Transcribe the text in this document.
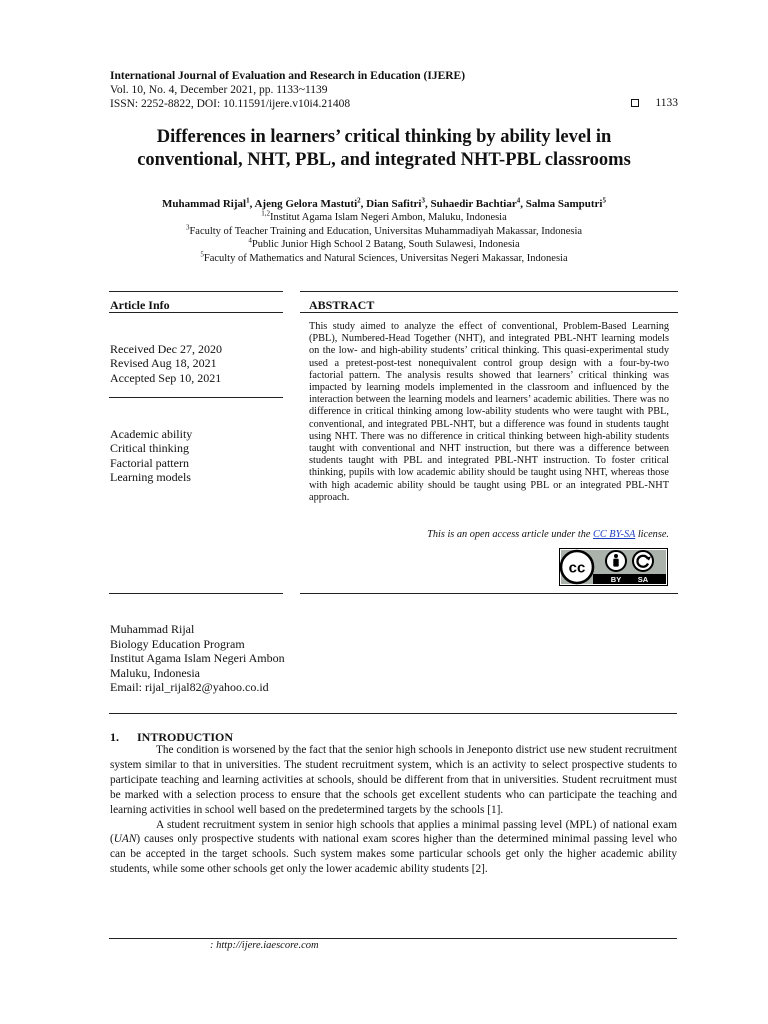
International Journal of Evaluation and Research in Education (IJERE)
Vol. 10, No. 4, December 2021, pp. 1133~1139
ISSN: 2252-8822, DOI: 10.11591/ijere.v10i4.21408	1133
Differences in learners’ critical thinking by ability level in
conventional, NHT, PBL, and integrated NHT-PBL classrooms
Muhammad Rijal$^1$, Ajeng Gelora Mastuti$^2$, Dian Safitri$^3$, Suhaedir Bachtiar$^4$, Salma Samputri$^5$
$^{1,2}$Institut Agama Islam Negeri Ambon, Maluku, Indonesia
$^3$Faculty of Teacher Training and Education, Universitas Muhammadiyah Makassar, Indonesia
$^4$Public Junior High School 2 Batang, South Sulawesi, Indonesia
$^5$Faculty of Mathematics and Natural Sciences, Universitas Negeri Makassar, Indonesia
Article Info	ABSTRACT
Received Dec 27, 2020
Revised Aug 18, 2021
Accepted Sep 10, 2021
Academic ability
Critical thinking
Factorial pattern
Learning models
This study aimed to analyze the effect of conventional, Problem-Based Learning (PBL), Numbered-Head Together (NHT), and integrated PBL-NHT learning models on the low- and high-ability students’ critical thinking. This quasi-experimental study used a pretest-post-test nonequivalent control group design with a four-by-two factorial pattern. The analysis results showed that learners’ critical thinking was impacted by learning models implemented in the classroom and influenced by the interaction between the learning models and learners’ academic abilities. There was no difference in critical thinking among low-ability students who were taught with PBL, conventional, and integrated PBL-NHT, but a difference was found in students taught using NHT. There was no difference in critical thinking between high-ability students taught with conventional and NHT instruction, but there was a difference between students taught with PBL and integrated PBL-NHT instruction. To foster critical thinking, pupils with low academic ability should be taught using NHT, whereas those with high academic ability should be taught using PBL or an integrated PBL-NHT approach.
This is an open access article under the CC BY-SA license.
cc
BY SA
Muhammad Rijal
Biology Education Program
Institut Agama Islam Negeri Ambon
Maluku, Indonesia
Email: rijal_rijal82@yahoo.co.id
1. INTRODUCTION

The condition is worsened by the fact that the senior high schools in Jeneponto district use new student recruitment system similar to that in universities. The student recruitment system, which is an activity to select prospective students to participate teaching and learning activities at schools, should be different from that in universities. Student recruitment must be marked with a selection process to ensure that the schools get excellent students who can participate the teaching and learning activities in school well based on the predetermined targets by the schools [1].

A student recruitment system in senior high schools that applies a minimal passing level (MPL) of national exam (UAN) causes only prospective students with national exam scores higher than the determined minimal passing level who can be accepted in the target schools. Such system makes some particular schools get only the higher academic ability students, while some other schools get only the lower academic ability students [2].

: http://ijere.iaescore.com
